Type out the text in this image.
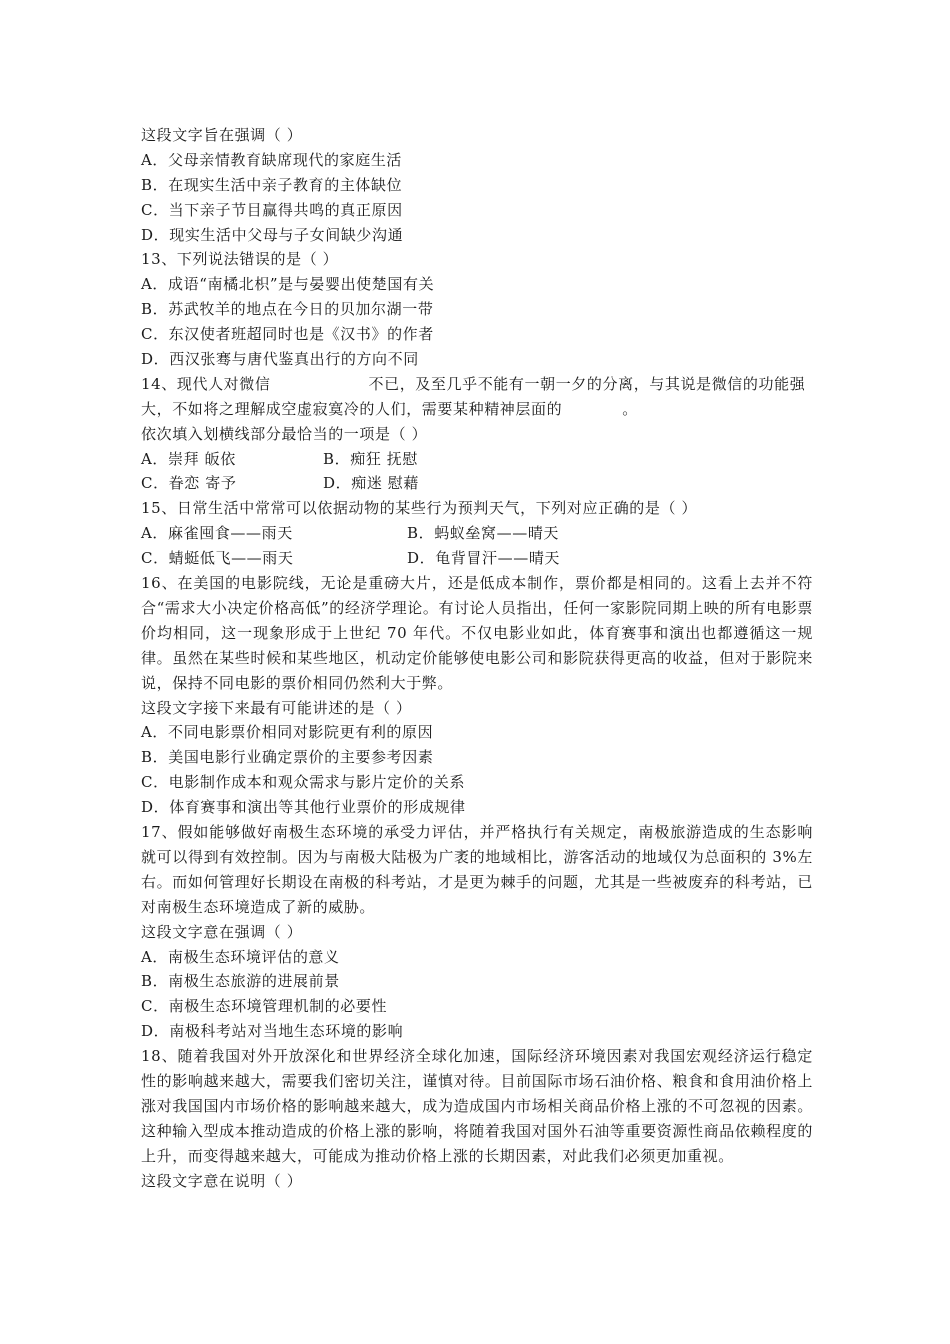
这段文字旨在强调（ ）
A．父母亲情教育缺席现代的家庭生活
B．在现实生活中亲子教育的主体缺位
C．当下亲子节目赢得共鸣的真正原因
D．现实生活中父母与子女间缺少沟通
13、下列说法错误的是（ ）
A．成语“南橘北枳”是与晏婴出使楚国有关
B．苏武牧羊的地点在今日的贝加尔湖一带
C．东汉使者班超同时也是《汉书》的作者
D．西汉张骞与唐代鉴真出行的方向不同
14、现代人对微信	不已，及至几乎不能有一朝一夕的分离，与其说是微信的功能强
大，不如将之理解成空虚寂寞冷的人们，需要某种精神层面的	。
依次填入划横线部分最恰当的一项是（ ）
A．崇拜 皈依	B．痴狂 抚慰
C．眷恋 寄予	D．痴迷 慰藉
15、日常生活中常常可以依据动物的某些行为预判天气，下列对应正确的是（ ）
A．麻雀囤食——雨天	B．蚂蚁垒窝——晴天
C．蜻蜓低飞——雨天	D．龟背冒汗——晴天
16、在美国的电影院线，无论是重磅大片，还是低成本制作，票价都是相同的。这看上去并不符合“需求大小决定价格高低”的经济学理论。有讨论人员指出，任何一家影院同期上映的所有电影票价均相同，这一现象形成于上世纪 70 年代。不仅电影业如此，体育赛事和演出也都遵循这一规律。虽然在某些时候和某些地区，机动定价能够使电影公司和影院获得更高的收益，但对于影院来说，保持不同电影的票价相同仍然利大于弊。
这段文字接下来最有可能讲述的是（ ）
A．不同电影票价相同对影院更有利的原因
B．美国电影行业确定票价的主要参考因素
C．电影制作成本和观众需求与影片定价的关系
D．体育赛事和演出等其他行业票价的形成规律
17、假如能够做好南极生态环境的承受力评估，并严格执行有关规定，南极旅游造成的生态影响就可以得到有效控制。因为与南极大陆极为广袤的地域相比，游客活动的地域仅为总面积的 3%左右。而如何管理好长期设在南极的科考站，才是更为棘手的问题，尤其是一些被废弃的科考站，已对南极生态环境造成了新的威胁。
这段文字意在强调（ ）
A．南极生态环境评估的意义
B．南极生态旅游的进展前景
C．南极生态环境管理机制的必要性
D．南极科考站对当地生态环境的影响
18、随着我国对外开放深化和世界经济全球化加速，国际经济环境因素对我国宏观经济运行稳定性的影响越来越大，需要我们密切关注，谨慎对待。目前国际市场石油价格、粮食和食用油价格上涨对我国国内市场价格的影响越来越大，成为造成国内市场相关商品价格上涨的不可忽视的因素。这种输入型成本推动造成的价格上涨的影响，将随着我国对国外石油等重要资源性商品依赖程度的上升，而变得越来越大，可能成为推动价格上涨的长期因素，对此我们必须更加重视。
这段文字意在说明（ ）
